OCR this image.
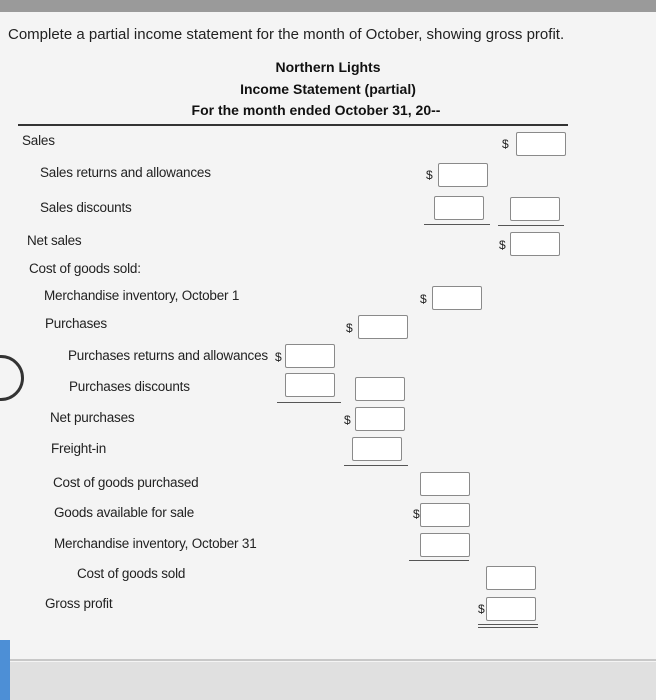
Complete a partial income statement for the month of October, showing gross profit.
Northern Lights
Income Statement (partial)
For the month ended October 31, 20--
Sales	$
Sales returns and allowances	$
Sales discounts
Net sales	$
Cost of goods sold:
Merchandise inventory, October 1	$
Purchases	$
Purchases returns and allowances $
Purchases discounts
Net purchases	$
Freight-in
Cost of goods purchased
Goods available for sale	$
Merchandise inventory, October 31
Cost of goods sold
Gross profit	$
